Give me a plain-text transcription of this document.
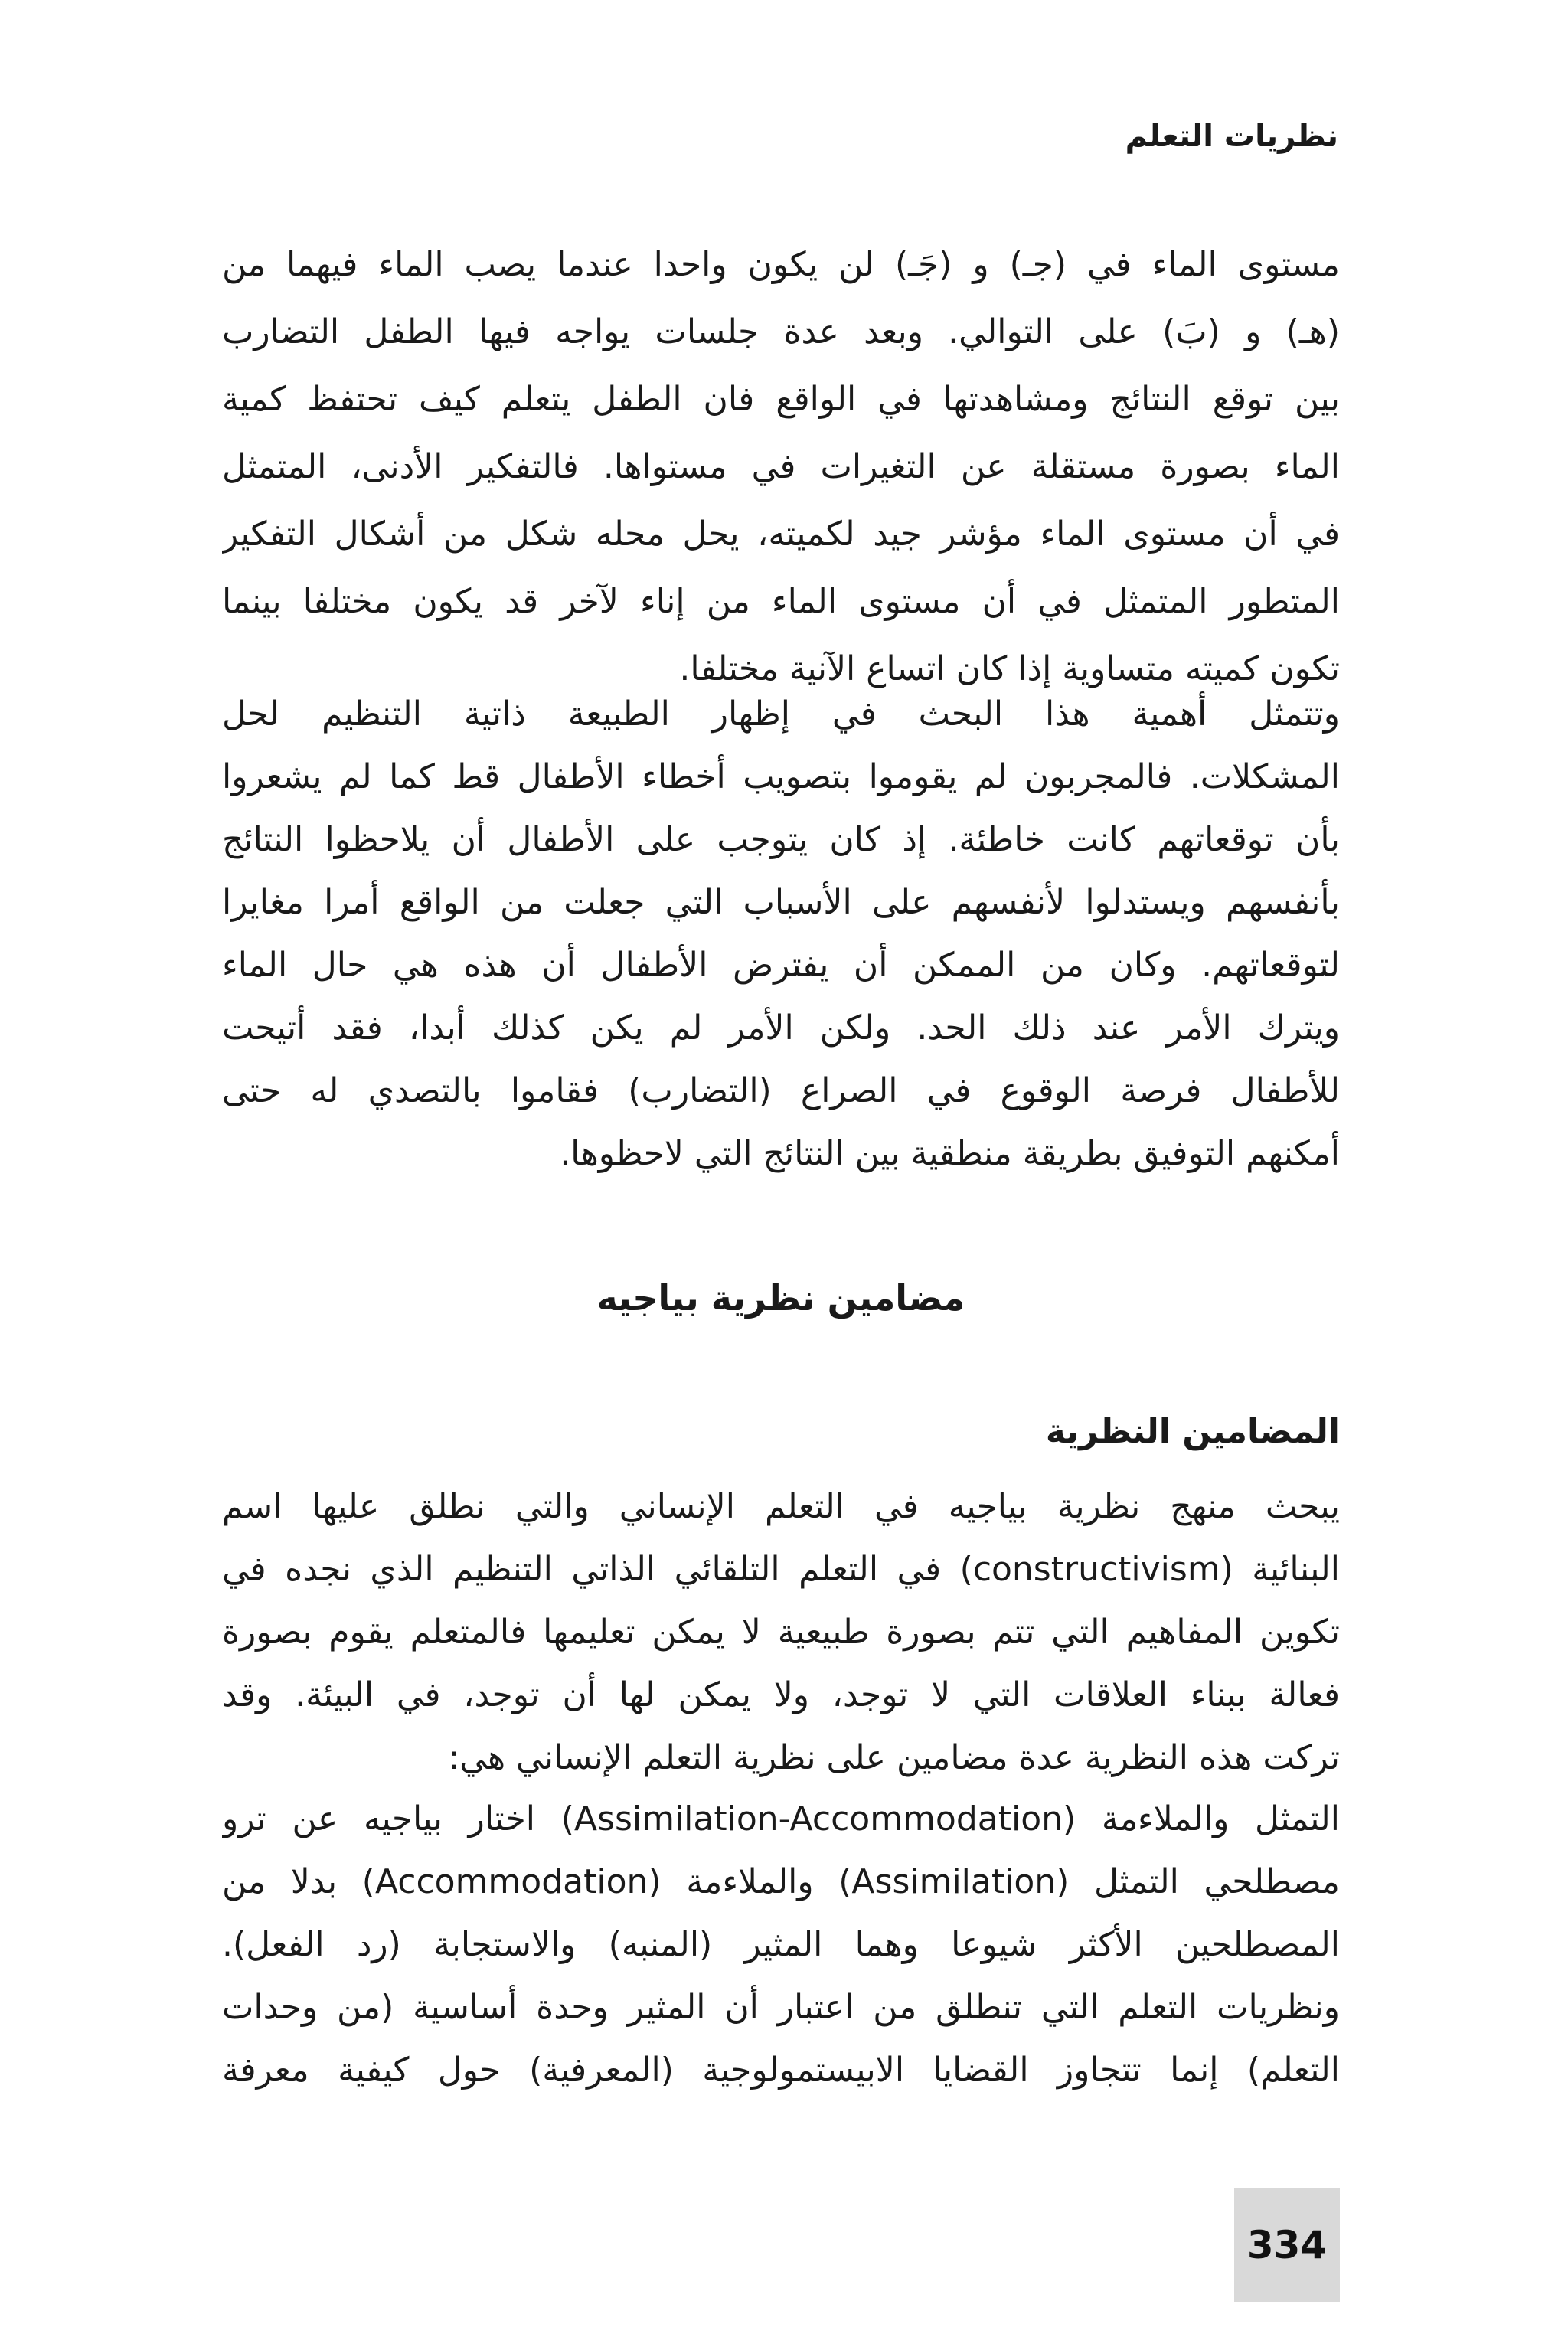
نظريات التعلم
مستوى الماء في (جـ) و (جَـ) لن يكون واحدا عندما يصب الماء فيهما من
(هـ) و (بَ) على التوالي. وبعد عدة جلسات يواجه فيها الطفل التضارب
بين توقع النتائج ومشاهدتها في الواقع فان الطفل يتعلم كيف تحتفظ كمية
الماء بصورة مستقلة عن التغيرات في مستواها. فالتفكير الأدنى، المتمثل
في أن مستوى الماء مؤشر جيد لكميته، يحل محله شكل من أشكال التفكير
المتطور المتمثل في أن مستوى الماء من إناء لآخر قد يكون مختلفا بينما
تكون كميته متساوية إذا كان اتساع الآنية مختلفا.
وتتمثل أهمية هذا البحث في إظهار الطبيعة ذاتية التنظيم لحل
المشكلات. فالمجربون لم يقوموا بتصويب أخطاء الأطفال قط كما لم يشعروا
بأن توقعاتهم كانت خاطئة. إذ كان يتوجب على الأطفال أن يلاحظوا النتائج
بأنفسهم ويستدلوا لأنفسهم على الأسباب التي جعلت من الواقع أمرا مغايرا
لتوقعاتهم. وكان من الممكن أن يفترض الأطفال أن هذه هي حال الماء
ويترك الأمر عند ذلك الحد. ولكن الأمر لم يكن كذلك أبدا، فقد أتيحت
للأطفال فرصة الوقوع في الصراع (التضارب) فقاموا بالتصدي له حتى
أمكنهم التوفيق بطريقة منطقية بين النتائج التي لاحظوها.
مضامين نظرية بياجيه
المضامين النظرية
يبحث منهج نظرية بياجيه في التعلم الإنساني والتي نطلق عليها اسم
البنائية (constructivism) في التعلم التلقائي الذاتي التنظيم الذي نجده في
تكوين المفاهيم التي تتم بصورة طبيعية لا يمكن تعليمها فالمتعلم يقوم بصورة
فعالة ببناء العلاقات التي لا توجد، ولا يمكن لها أن توجد، في البيئة. وقد
تركت هذه النظرية عدة مضامين على نظرية التعلم الإنساني هي:
التمثل والملاءمة (Assimilation-Accommodation) اختار بياجيه عن ترو
مصطلحي التمثل (Assimilation) والملاءمة (Accommodation) بدلا من
المصطلحين الأكثر شيوعا وهما المثير (المنبه) والاستجابة (رد الفعل).
ونظريات التعلم التي تنطلق من اعتبار أن المثير وحدة أساسية (من وحدات
التعلم) إنما تتجاوز القضايا الابيستمولوجية (المعرفية) حول كيفية معرفة
334
